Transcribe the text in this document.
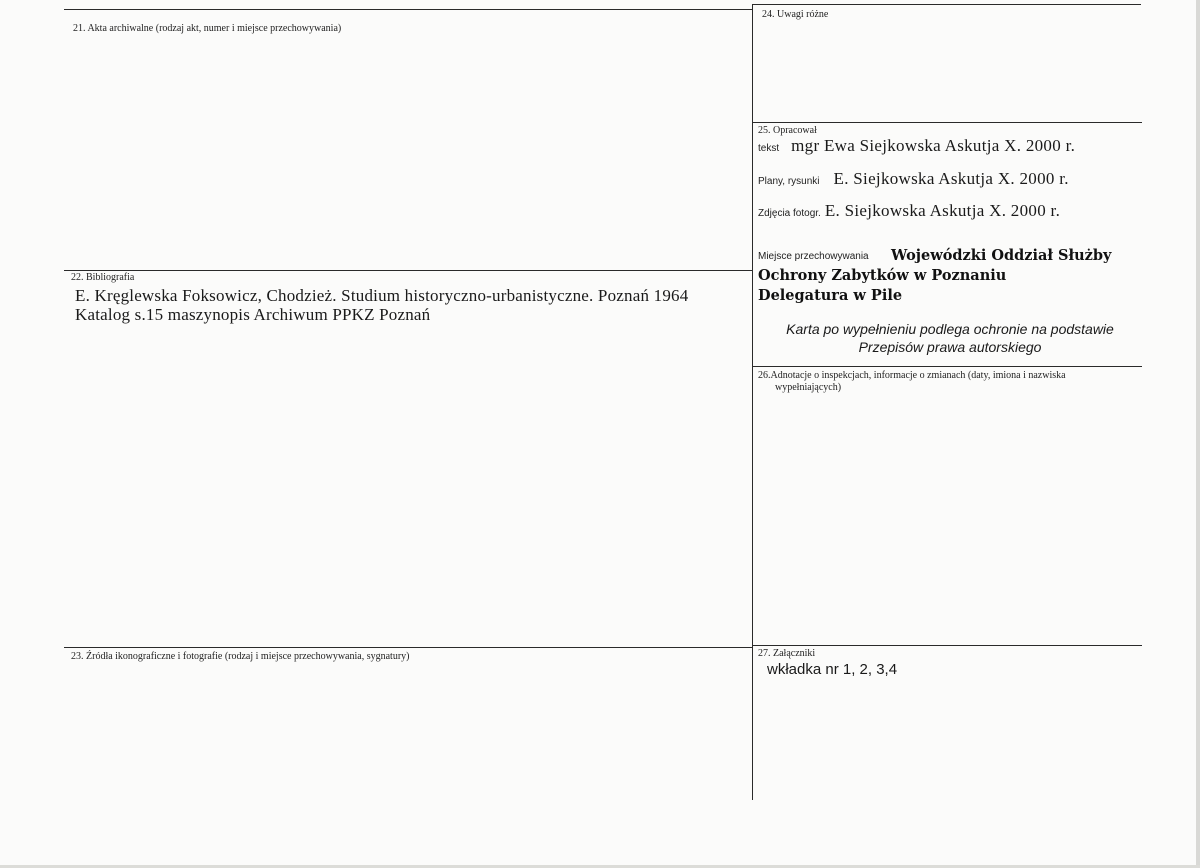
21. Akta archiwalne (rodzaj akt, numer i miejsce przechowywania)
22. Bibliografia
E. Kręglewska Foksowicz, Chodzież. Studium historyczno-urbanistyczne. Poznań 1964
Katalog s.15 maszynopis Archiwum PPKZ Poznań
23. Źródła ikonograficzne i fotografie (rodzaj i miejsce przechowywania, sygnatury)
24. Uwagi różne
25. Opracował
tekst mgr Ewa Siejkowska Askutja X. 2000 r.
Plany, rysunki E. Siejkowska Askutja X. 2000 r.
Zdjęcia fotogr. E. Siejkowska Askutja X. 2000 r.
Miejsce przechowywania Wojewódzki Oddział Służby
Ochrony Zabytków w Poznaniu
Delegatura w Pile
Karta po wypełnieniu podlega ochronie na podstawie
Przepisów prawa autorskiego
26.Adnotacje o inspekcjach, informacje o zmianach (daty, imiona i nazwiska
wypełniających)
27. Załączniki
wkładka nr 1, 2, 3,4
